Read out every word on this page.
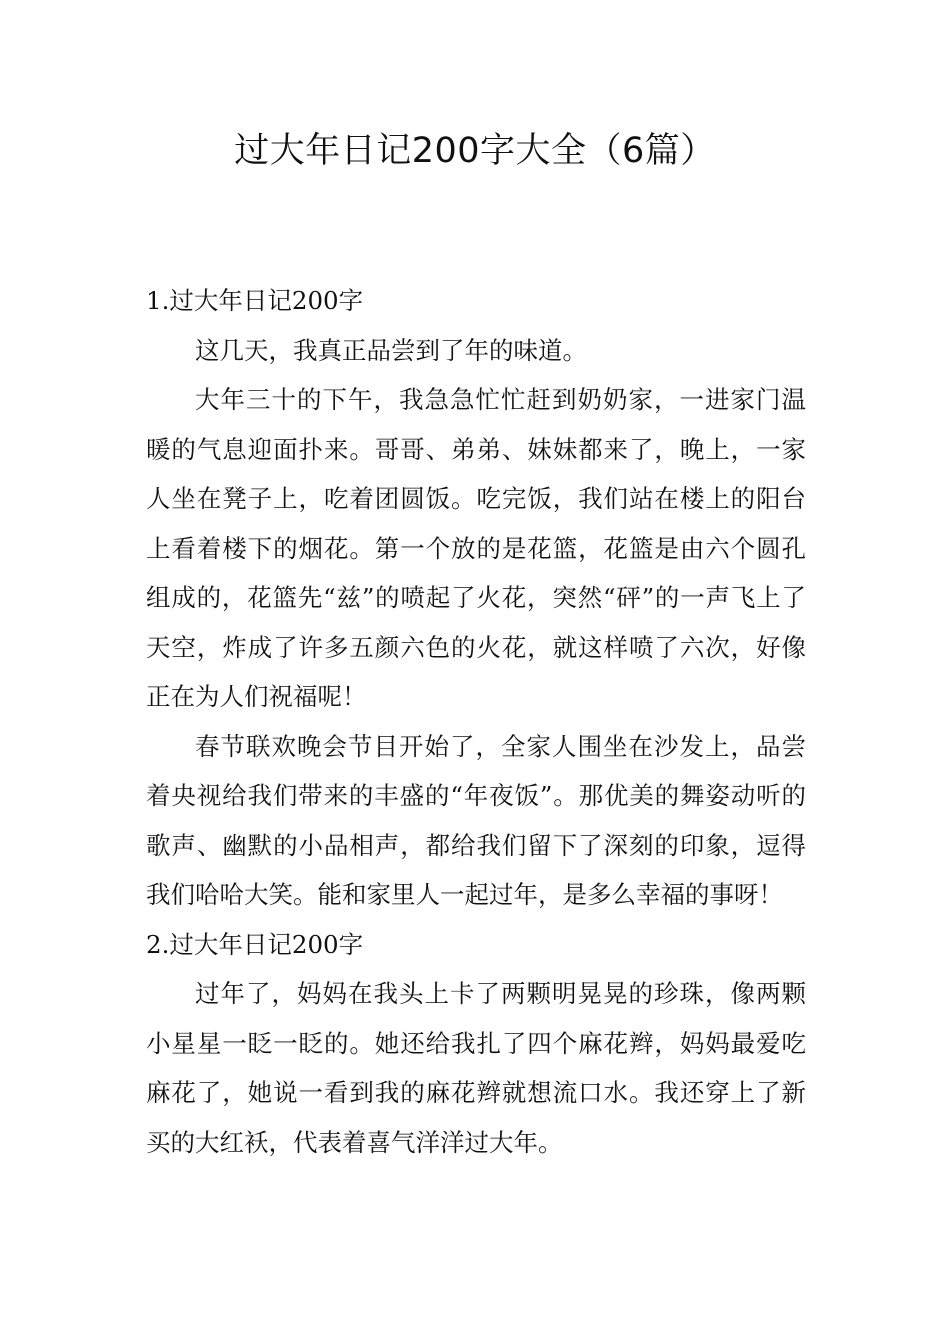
过大年日记200字大全（6篇）
1.过大年日记200字

这几天，我真正品尝到了年的味道。

大年三十的下午，我急急忙忙赶到奶奶家，一进家门温暖的气息迎面扑来。哥哥、弟弟、妹妹都来了，晚上，一家人坐在凳子上，吃着团圆饭。吃完饭，我们站在楼上的阳台上看着楼下的烟花。第一个放的是花篮，花篮是由六个圆孔组成的，花篮先“兹”的喷起了火花，突然“砰”的一声飞上了天空，炸成了许多五颜六色的火花，就这样喷了六次，好像正在为人们祝福呢！

春节联欢晚会节目开始了，全家人围坐在沙发上，品尝着央视给我们带来的丰盛的“年夜饭”。那优美的舞姿动听的歌声、幽默的小品相声，都给我们留下了深刻的印象，逗得我们哈哈大笑。能和家里人一起过年，是多么幸福的事呀！

2.过大年日记200字

过年了，妈妈在我头上卡了两颗明晃晃的珍珠，像两颗小星星一眨一眨的。她还给我扎了四个麻花辫，妈妈最爱吃麻花了，她说一看到我的麻花辫就想流口水。我还穿上了新买的大红袄，代表着喜气洋洋过大年。
